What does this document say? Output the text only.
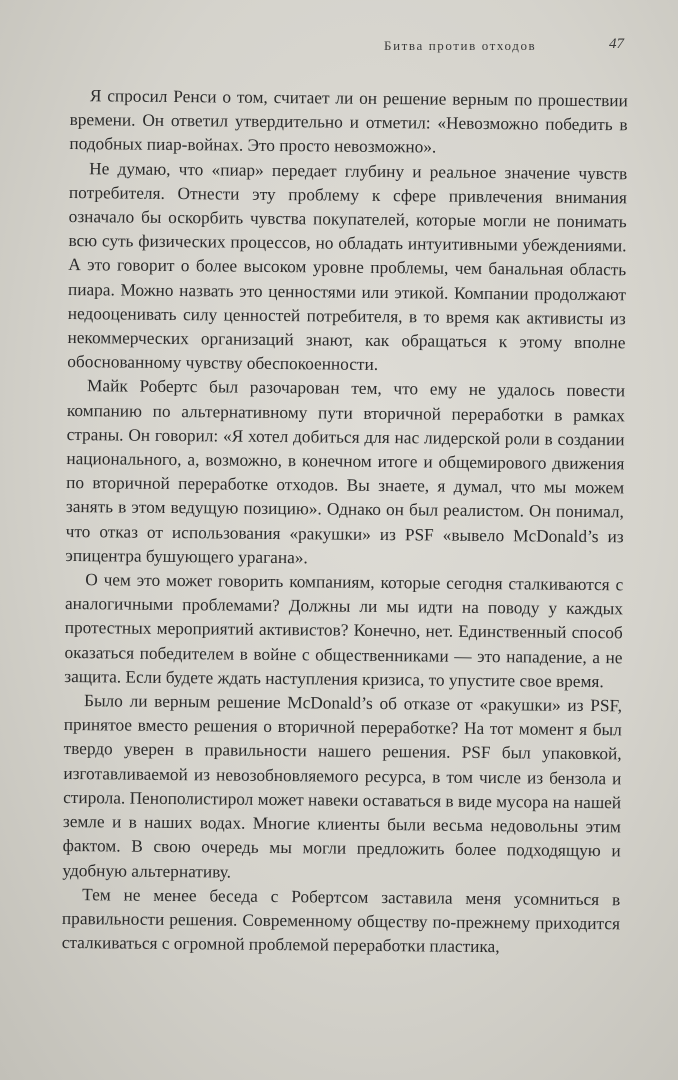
Битва против отходов	47

Я спросил Ренси о том, считает ли он решение верным по прошествии времени. Он ответил утвердительно и отметил: «Невозможно победить в подобных пиар-войнах. Это просто невозможно».

Не думаю, что «пиар» передает глубину и реальное значение чувств потребителя. Отнести эту проблему к сфере привлечения внимания означало бы оскорбить чувства покупателей, которые могли не понимать всю суть физических процессов, но обладать интуитивными убеждениями. А это говорит о более высоком уровне проблемы, чем банальная область пиара. Можно назвать это ценностями или этикой. Компании продолжают недооценивать силу ценностей потребителя, в то время как активисты из некоммерческих организаций знают, как обращаться к этому вполне обоснованному чувству обеспокоенности.

Майк Робертс был разочарован тем, что ему не удалось повести компанию по альтернативному пути вторичной переработки в рамках страны. Он говорил: «Я хотел добиться для нас лидерской роли в создании национального, а, возможно, в конечном итоге и общемирового движения по вторичной переработке отходов. Вы знаете, я думал, что мы можем занять в этом ведущую позицию». Однако он был реалистом. Он понимал, что отказ от использования «ракушки» из PSF «вывело McDonald’s из эпицентра бушующего урагана».

О чем это может говорить компаниям, которые сегодня сталкиваются с аналогичными проблемами? Должны ли мы идти на поводу у каждых протестных мероприятий активистов? Конечно, нет. Единственный способ оказаться победителем в войне с общественниками — это нападение, а не защита. Если будете ждать наступления кризиса, то упустите свое время.

Было ли верным решение McDonald’s об отказе от «ракушки» из PSF, принятое вместо решения о вторичной переработке? На тот момент я был твердо уверен в правильности нашего решения. PSF был упаковкой, изготавливаемой из невозобновляемого ресурса, в том числе из бензола и стирола. Пенополистирол может навеки оставаться в виде мусора на нашей земле и в наших водах. Многие клиенты были весьма недовольны этим фактом. В свою очередь мы могли предложить более подходящую и удобную альтернативу.

Тем не менее беседа с Робертсом заставила меня усомниться в правильности решения. Современному обществу по-прежнему приходится сталкиваться с огромной проблемой переработки пластика,
